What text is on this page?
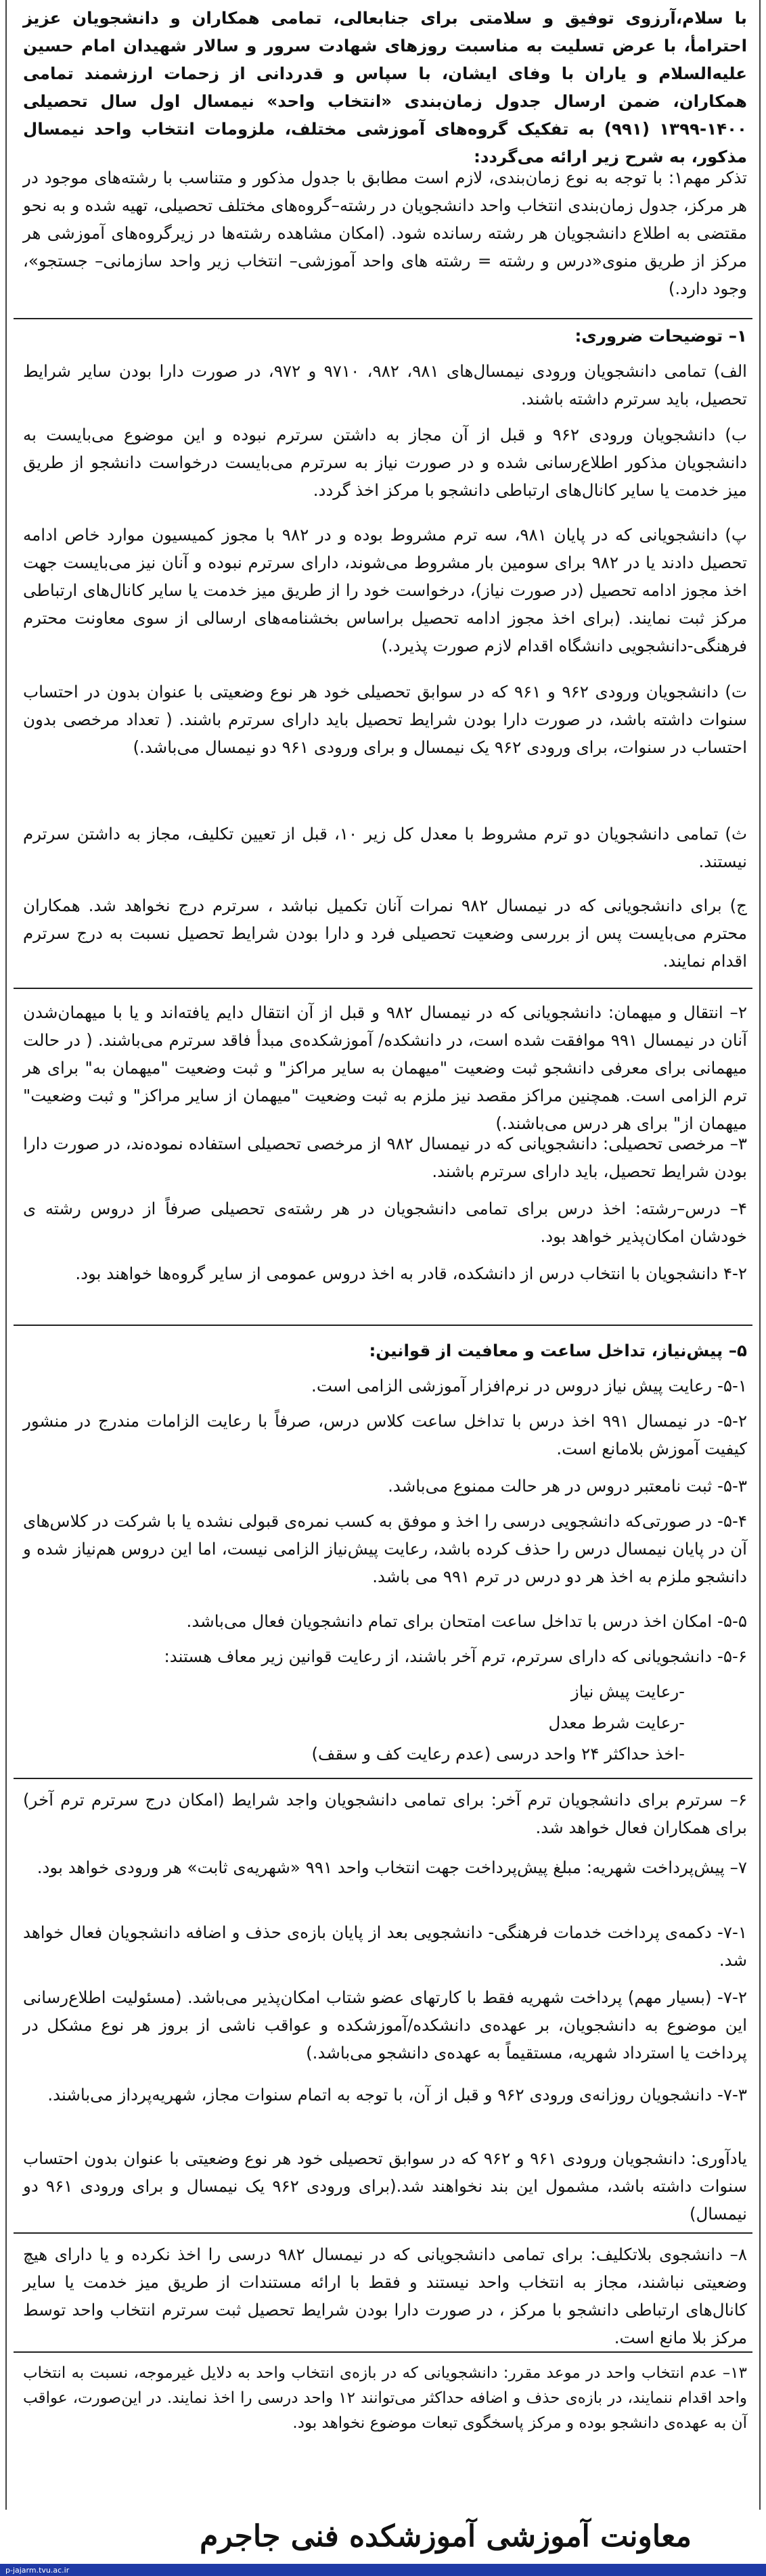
با سلام،آرزوی توفیق و سلامتی برای جنابعالی، تمامی همکاران و دانشجویان عزیز احترامأ، با عرض تسلیت به مناسبت روزهای شهادت سرور و سالار شهیدان امام حسین علیه‌السلام و یاران با وفای ایشان، با سپاس و قدردانی از زحمات ارزشمند تمامی همکاران، ضمن ارسال جدول زمان‌بندی «انتخاب واحد» نیمسال اول سال تحصیلی ۱۴۰۰-۱۳۹۹ (۹۹۱) به تفکیک گروه‌های آموزشی مختلف، ملزومات انتخاب واحد نیمسال مذکور، به شرح زیر ارائه می‌گردد:

تذکر مهم۱: با توجه به نوع زمان‌بندی، لازم است مطابق با جدول مذکور و متناسب با رشته‌های موجود در هر مرکز، جدول زمان‌بندی انتخاب واحد دانشجویان در رشته–گروه‌های مختلف تحصیلی، تهیه شده و به نحو مقتضی به اطلاع دانشجویان هر رشته رسانده شود. (امکان مشاهده رشته‌ها در زیرگروه‌های آموزشی هر مرکز از طریق منوی«درس و رشته = رشته های واحد آموزشی– انتخاب زیر واحد سازمانی– جستجو»، وجود دارد.)

۱– توضیحات ضروری:

الف) تمامی دانشجویان ورودی نیمسال‌های ۹۸۱، ۹۸۲، ۹۷۱۰ و ۹۷۲، در صورت دارا بودن سایر شرایط تحصیل، باید سرترم داشته باشند.

ب) دانشجویان ورودی ۹۶۲ و قبل از آن مجاز به داشتن سرترم نبوده و این موضوع می‌بایست به دانشجویان مذکور اطلاع‌رسانی شده و در صورت نیاز به سرترم می‌بایست درخواست دانشجو از طریق میز خدمت یا سایر کانال‌های ارتباطی دانشجو با مرکز اخذ گردد.

پ) دانشجویانی که در پایان ۹۸۱، سه ترم مشروط بوده و در ۹۸۲ با مجوز کمیسیون موارد خاص ادامه تحصیل دادند یا در ۹۸۲ برای سومین بار مشروط می‌شوند، دارای سرترم نبوده و آنان نیز می‌بایست جهت اخذ مجوز ادامه تحصیل (در صورت نیاز)، درخواست خود را از طریق میز خدمت یا سایر کانال‌های ارتباطی مرکز ثبت نمایند. (برای اخذ مجوز ادامه تحصیل براساس بخشنامه‌های ارسالی از سوی معاونت محترم فرهنگی-دانشجویی دانشگاه اقدام لازم صورت پذیرد.)

ت) دانشجویان ورودی ۹۶۲ و ۹۶۱ که در سوابق تحصیلی خود هر نوع وضعیتی با عنوان بدون در احتساب سنوات داشته باشد، در صورت دارا بودن شرایط تحصیل باید دارای سرترم باشند. ( تعداد مرخصی بدون احتساب در سنوات، برای ورودی ۹۶۲ یک نیمسال و برای ورودی ۹۶۱ دو نیمسال می‌باشد.)

ث) تمامی دانشجویان دو ترم مشروط با معدل کل زیر ۱۰، قبل از تعیین تکلیف، مجاز به داشتن سرترم نیستند.

ج) برای دانشجویانی که در نیمسال ۹۸۲ نمرات آنان تکمیل نباشد ، سرترم درج نخواهد شد. همکاران محترم می‌بایست پس از بررسی وضعیت تحصیلی فرد و دارا بودن شرایط تحصیل نسبت به درج سرترم اقدام نمایند.

۲– انتقال و میهمان: دانشجویانی که در نیمسال ۹۸۲ و قبل از آن انتقال دایم یافته‌اند و یا با میهمان‌شدن آنان در نیمسال ۹۹۱ موافقت شده است، در دانشکده/ آموزشکده‌ی مبدأ فاقد سرترم می‌باشند. ( در حالت میهمانی برای معرفی دانشجو ثبت وضعیت "میهمان به سایر مراکز" و ثبت وضعیت "میهمان به" برای هر ترم الزامی است. همچنین مراکز مقصد نیز ملزم به ثبت وضعیت "میهمان از سایر مراکز" و ثبت وضعیت" میهمان از" برای هر درس می‌باشند.)

۳– مرخصی تحصیلی: دانشجویانی که در نیمسال ۹۸۲ از مرخصی تحصیلی استفاده نموده‌ند، در صورت دارا بودن شرایط تحصیل، باید دارای سرترم باشند.

۴– درس–رشته: اخذ درس برای تمامی دانشجویان در هر رشته‌ی تحصیلی صرفاً از دروس رشته ی خودشان امکان‌پذیر خواهد بود.

۴-۲ دانشجویان با انتخاب درس از دانشکده، قادر به اخذ دروس عمومی از سایر گروه‌ها خواهند بود.

۵– پیش‌نیاز، تداخل ساعت و معافیت از قوانین:

۵-۱- رعایت پیش نیاز دروس در نرم‌افزار آموزشی الزامی است.

۵-۲- در نیمسال ۹۹۱ اخذ درس با تداخل ساعت کلاس درس، صرفاً با رعایت الزامات مندرج در منشور کیفیت آموزش بلامانع است.

۵-۳- ثبت نامعتبر دروس در هر حالت ممنوع می‌باشد.

۵-۴- در صورتی‌که دانشجویی درسی را اخذ و موفق به کسب نمره‌ی قبولی نشده یا با شرکت در کلاس‌های آن در پایان نیمسال درس را حذف کرده باشد، رعایت پیش‌نیاز الزامی نیست، اما این دروس هم‌نیاز شده و دانشجو ملزم به اخذ هر دو درس در ترم ۹۹۱ می باشد.

۵-۵- امکان اخذ درس با تداخل ساعت امتحان برای تمام دانشجویان فعال می‌باشد.

۵-۶- دانشجویانی که دارای سرترم، ترم آخر باشند، از رعایت قوانین زیر معاف هستند:

-رعایت پیش نیاز

-رعایت شرط معدل

-اخذ حداکثر ۲۴ واحد درسی (عدم رعایت کف و سقف)

۶– سرترم برای دانشجویان ترم آخر: برای تمامی دانشجویان واجد شرایط (امکان درج سرترم ترم آخر) برای همکاران فعال خواهد شد.

۷– پیش‌پرداخت شهریه: مبلغ پیش‌پرداخت جهت انتخاب واحد ۹۹۱ «شهریه‌ی ثابت» هر ورودی خواهد بود.

۷-۱- دکمه‌ی پرداخت خدمات فرهنگی- دانشجویی بعد از پایان بازه‌ی حذف و اضافه دانشجویان فعال خواهد شد.

۷-۲- (بسیار مهم) پرداخت شهریه فقط با کارتهای عضو شتاب امکان‌پذیر می‌باشد. (مسئولیت اطلاع‌رسانی این موضوع به دانشجویان، بر عهده‌ی دانشکده/آموزشکده و عواقب ناشی از بروز هر نوع مشکل در پرداخت یا استرداد شهریه، مستقیماً به عهده‌ی دانشجو می‌باشد.)

۷-۳- دانشجویان روزانه‌ی ورودی ۹۶۲ و قبل از آن، با توجه به اتمام سنوات مجاز، شهریه‌پرداز می‌باشند.

یادآوری: دانشجویان ورودی ۹۶۱ و ۹۶۲ که در سوابق تحصیلی خود هر نوع وضعیتی با عنوان بدون احتساب سنوات داشته باشد، مشمول این بند نخواهند شد.(برای ورودی ۹۶۲ یک نیمسال و برای ورودی ۹۶۱ دو نیمسال)

۸– دانشجوی بلاتکلیف: برای تمامی دانشجویانی که در نیمسال ۹۸۲ درسی را اخذ نکرده و یا دارای هیچ وضعیتی نباشند، مجاز به انتخاب واحد نیستند و فقط با ارائه مستندات از طریق میز خدمت یا سایر کانال‌های ارتباطی دانشجو با مرکز ، در صورت دارا بودن شرایط تحصیل ثبت سرترم انتخاب واحد توسط مرکز بلا مانع است.

۱۳– عدم انتخاب واحد در موعد مقرر: دانشجویانی که در بازه‌ی انتخاب واحد به دلایل غیرموجه، نسبت به انتخاب واحد اقدام ننمایند، در بازه‌ی حذف و اضافه حداکثر می‌توانند ۱۲ واحد درسی را اخذ نمایند. در این‌صورت، عواقب آن به عهده‌ی دانشجو بوده و مرکز پاسخگوی تبعات موضوع نخواهد بود.

معاونت آموزشی آموزشکده فنی جاجرم
p-jajarm.tvu.ac.ir
